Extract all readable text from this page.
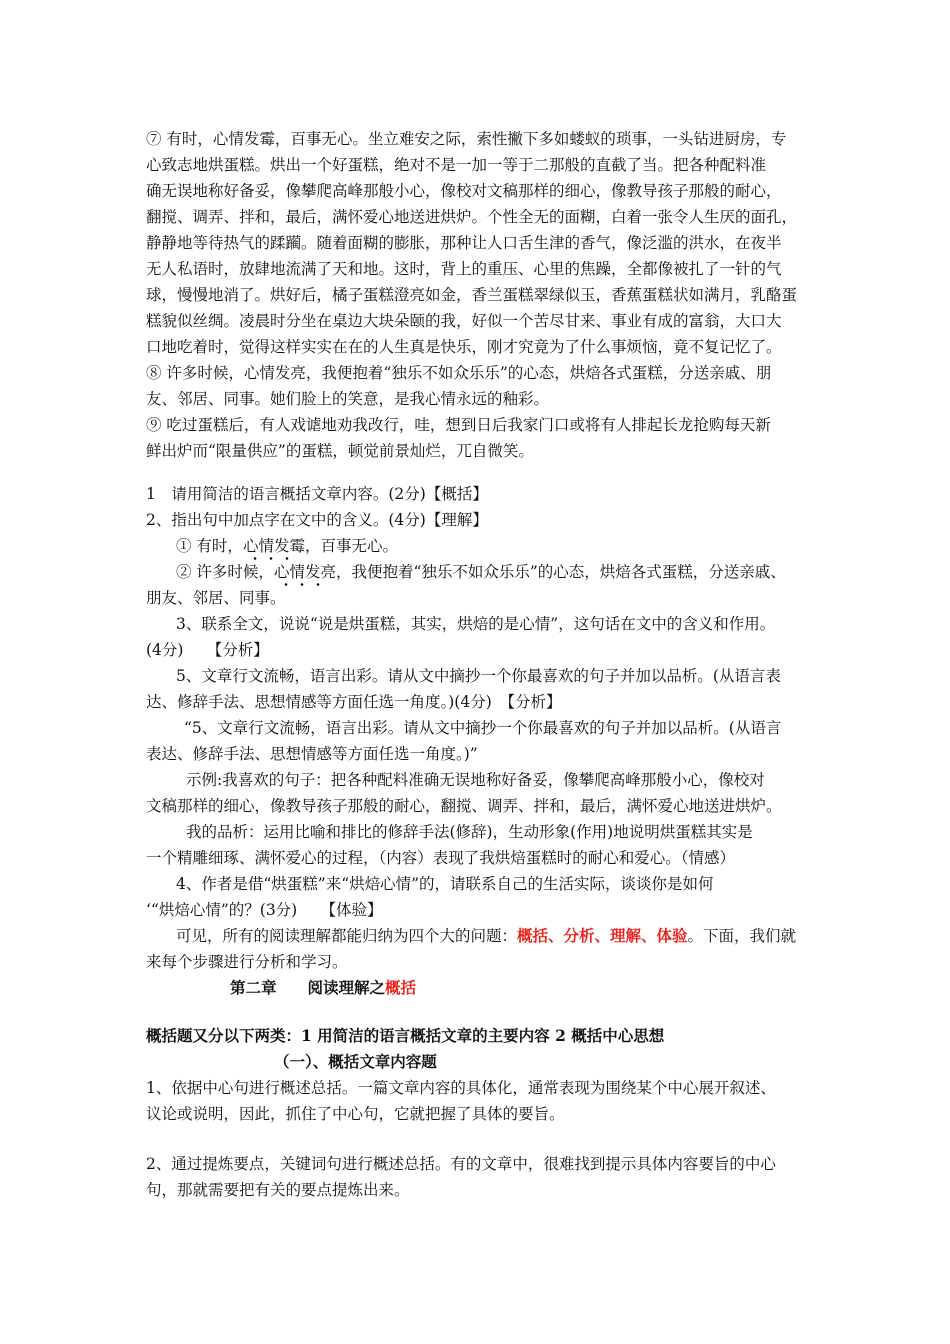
⑦ 有时，心情发霉，百事无心。坐立难安之际，索性撇下多如蝼蚁的琐事，一头钻进厨房，专
心致志地烘蛋糕。烘出一个好蛋糕，绝对不是一加一等于二那般的直截了当。把各种配料准
确无误地称好备妥，像攀爬高峰那般小心，像校对文稿那样的细心，像教导孩子那般的耐心，
翻搅、调弄、拌和，最后，满怀爱心地送进烘炉。个性全无的面糊，白着一张令人生厌的面孔，
静静地等待热气的蹂躏。随着面糊的膨胀，那种让人口舌生津的香气，像泛滥的洪水，在夜半
无人私语时，放肆地流满了天和地。这时，背上的重压、心里的焦躁，全都像被扎了一针的气
球，慢慢地消了。烘好后，橘子蛋糕澄亮如金，香兰蛋糕翠绿似玉，香蕉蛋糕状如满月，乳酪蛋
糕貌似丝绸。凌晨时分坐在桌边大块朵颐的我，好似一个苦尽甘来、事业有成的富翁，大口大
口地吃着时，觉得这样实实在在的人生真是快乐，刚才究竟为了什么事烦恼，竟不复记忆了。
⑧ 许多时候，心情发亮，我便抱着“独乐不如众乐乐”的心态，烘焙各式蛋糕，分送亲戚、朋
友、邻居、同事。她们脸上的笑意，是我心情永远的釉彩。
⑨ 吃过蛋糕后，有人戏谑地劝我改行，哇，想到日后我家门口或将有人排起长龙抢购每天新
鲜出炉而“限量供应”的蛋糕，顿觉前景灿烂，兀自微笑。
1　请用简洁的语言概括文章内容。(2分)【概括】
2、指出句中加点字在文中的含义。(4分)【理解】
① 有时，心情发霉，百事无心。
② 许多时候，心情发亮，我便抱着“独乐不如众乐乐”的心态，烘焙各式蛋糕，分送亲戚、
朋友、邻居、同事。
3、联系全文，说说“说是烘蛋糕，其实，烘焙的是心情”，这句话在文中的含义和作用。
(4分)　　【分析】
5、文章行文流畅，语言出彩。请从文中摘抄一个你最喜欢的句子并加以品析。(从语言表
达、修辞手法、思想情感等方面任选一角度。)(4分)　【分析】
“5、文章行文流畅，语言出彩。请从文中摘抄一个你最喜欢的句子并加以品析。(从语言
表达、修辞手法、思想情感等方面任选一角度。)”
示例:我喜欢的句子：把各种配料准确无误地称好备妥，像攀爬高峰那般小心，像校对
文稿那样的细心，像教导孩子那般的耐心，翻搅、调弄、拌和，最后，满怀爱心地送进烘炉。
我的品析：运用比喻和排比的修辞手法(修辞)，生动形象(作用)地说明烘蛋糕其实是
一个精雕细琢、满怀爱心的过程，（内容）表现了我烘焙蛋糕时的耐心和爱心。（情感）
4、作者是借“烘蛋糕”来“烘焙心情”的，请联系自己的生活实际，谈谈你是如何
‘“烘焙心情”的？(3分)　　【体验】
可见，所有的阅读理解都能归纳为四个大的问题：概括、分析、理解、体验。下面，我们就
来每个步骤进行分析和学习。
第二章　　阅读理解之概括
概括题又分以下两类：1 用简洁的语言概括文章的主要内容 2 概括中心思想
（一）、概括文章内容题
1、依据中心句进行概述总括。一篇文章内容的具体化，通常表现为围绕某个中心展开叙述、
议论或说明，因此，抓住了中心句，它就把握了具体的要旨。
2、通过提炼要点，关键词句进行概述总括。有的文章中，很难找到提示具体内容要旨的中心
句，那就需要把有关的要点提炼出来。
